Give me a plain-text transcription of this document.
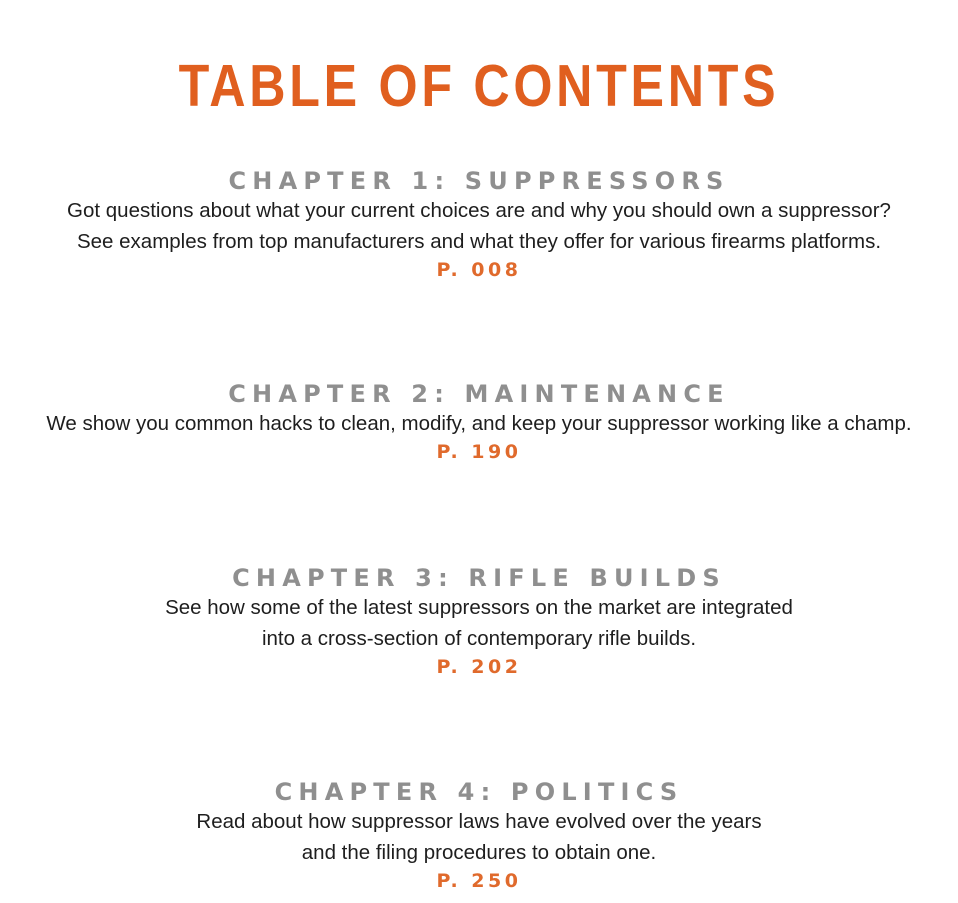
TABLE OF CONTENTS
CHAPTER 1: SUPPRESSORS

Got questions about what your current choices are and why you should own a suppressor?

See examples from top manufacturers and what they offer for various firearms platforms.

P. 008

CHAPTER 2: MAINTENANCE

We show you common hacks to clean, modify, and keep your suppressor working like a champ.

P. 190

CHAPTER 3: RIFLE BUILDS

See how some of the latest suppressors on the market are integrated

into a cross-section of contemporary rifle builds.

P. 202

CHAPTER 4: POLITICS

Read about how suppressor laws have evolved over the years

and the filing procedures to obtain one.

P. 250
